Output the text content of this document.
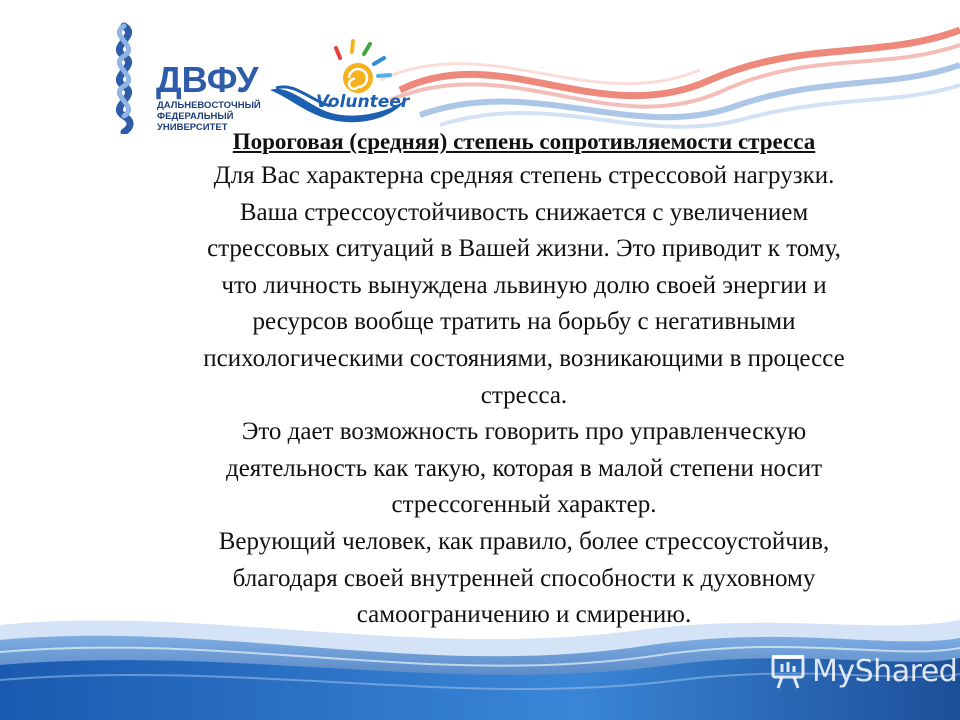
ДВФУ
ДАЛЬНЕВОСТОЧНЫЙ
ФЕДЕРАЛЬНЫЙ
УНИВЕРСИТЕТ
Volunteer

Пороговая (средняя) степень сопротивляемости стресса

Для Вас характерна средняя степень стрессовой нагрузки.
Ваша стрессоустойчивость снижается с увеличением
стрессовых ситуаций в Вашей жизни. Это приводит к тому,
что личность вынуждена львиную долю своей энергии и
ресурсов вообще тратить на борьбу с негативными
психологическими состояниями, возникающими в процессе
стресса.

Это дает возможность говорить про управленческую
деятельность как такую, которая в малой степени носит
стрессогенный характер.

Верующий человек, как правило, более стрессоустойчив,
благодаря своей внутренней способности к духовному
самоограничению и смирению.

MyShared
